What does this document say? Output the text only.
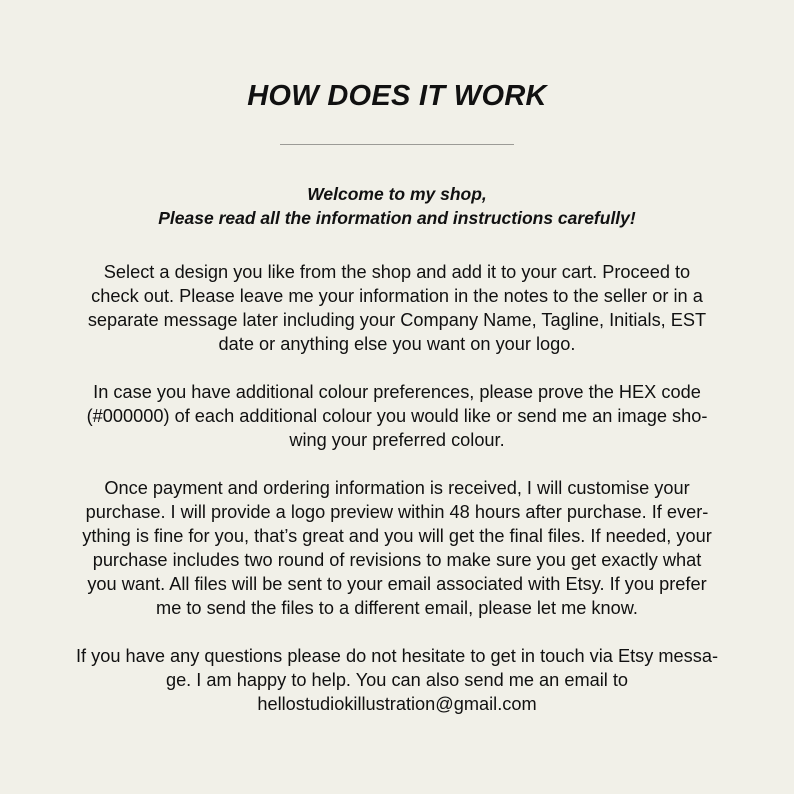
HOW DOES IT WORK

Welcome to my shop,
Please read all the information and instructions carefully!

Select a design you like from the shop and add it to your cart. Proceed to
check out. Please leave me your information in the notes to the seller or in a
separate message later including your Company Name, Tagline, Initials, EST
date or anything else you want on your logo.

In case you have additional colour preferences, please prove the HEX code
(#000000) of each additional colour you would like or send me an image sho-
wing your preferred colour.

Once payment and ordering information is received, I will customise your
purchase. I will provide a logo preview within 48 hours after purchase. If ever-
ything is fine for you, that’s great and you will get the final files. If needed, your
purchase includes two round of revisions to make sure you get exactly what
you want. All files will be sent to your email associated with Etsy. If you prefer
me to send the files to a different email, please let me know.

If you have any questions please do not hesitate to get in touch via Etsy messa-
ge. I am happy to help. You can also send me an email to
hellostudiokillustration@gmail.com
